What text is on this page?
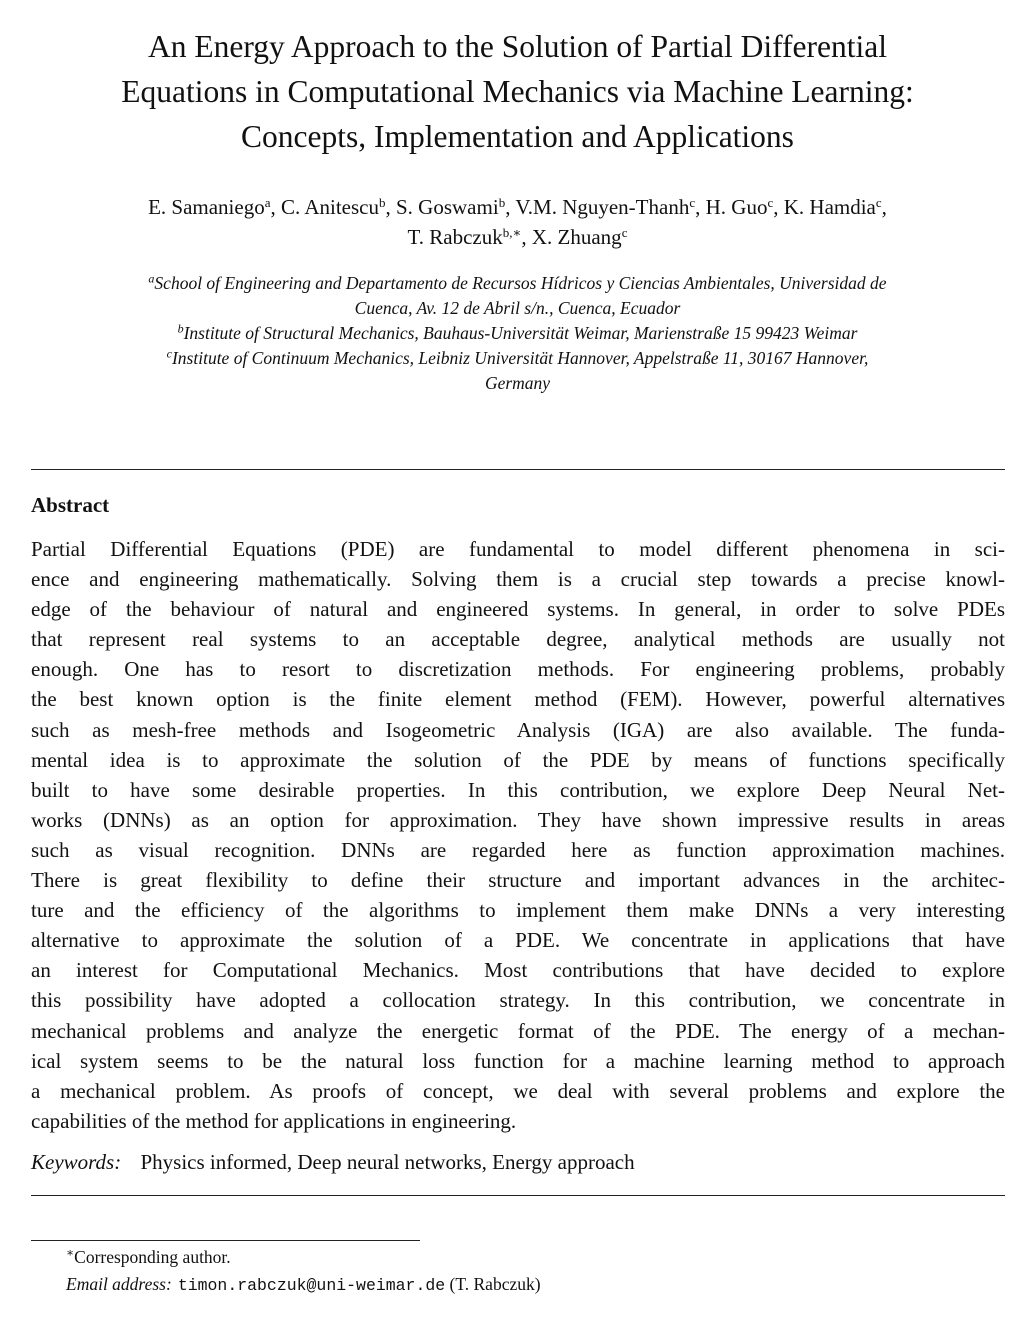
An Energy Approach to the Solution of Partial Differential
Equations in Computational Mechanics via Machine Learning:
Concepts, Implementation and Applications
E. Samaniego$^a$, C. Anitescu$^b$, S. Goswami$^b$, V.M. Nguyen-Thanh$^c$, H. Guo$^c$, K. Hamdia$^c$,
T. Rabczuk$^{b,∗}$, X. Zhuang$^c$
$^a$School of Engineering and Departamento de Recursos Hídricos y Ciencias Ambientales, Universidad de
Cuenca, Av. 12 de Abril s/n., Cuenca, Ecuador
$^b$Institute of Structural Mechanics, Bauhaus-Universität Weimar, Marienstraße 15 99423 Weimar
$^c$Institute of Continuum Mechanics, Leibniz Universität Hannover, Appelstraße 11, 30167 Hannover,
Germany
Abstract
Partial Differential Equations (PDE) are fundamental to model different phenomena in sci-
ence and engineering mathematically. Solving them is a crucial step towards a precise knowl-
edge of the behaviour of natural and engineered systems. In general, in order to solve PDEs
that represent real systems to an acceptable degree, analytical methods are usually not
enough. One has to resort to discretization methods. For engineering problems, probably
the best known option is the finite element method (FEM). However, powerful alternatives
such as mesh-free methods and Isogeometric Analysis (IGA) are also available. The funda-
mental idea is to approximate the solution of the PDE by means of functions specifically
built to have some desirable properties. In this contribution, we explore Deep Neural Net-
works (DNNs) as an option for approximation. They have shown impressive results in areas
such as visual recognition. DNNs are regarded here as function approximation machines.
There is great flexibility to define their structure and important advances in the architec-
ture and the efficiency of the algorithms to implement them make DNNs a very interesting
alternative to approximate the solution of a PDE. We concentrate in applications that have
an interest for Computational Mechanics. Most contributions that have decided to explore
this possibility have adopted a collocation strategy. In this contribution, we concentrate in
mechanical problems and analyze the energetic format of the PDE. The energy of a mechan-
ical system seems to be the natural loss function for a machine learning method to approach
a mechanical problem. As proofs of concept, we deal with several problems and explore the
capabilities of the method for applications in engineering.
Keywords: Physics informed, Deep neural networks, Energy approach
∗Corresponding author.
Email address: timon.rabczuk@uni-weimar.de (T. Rabczuk)
